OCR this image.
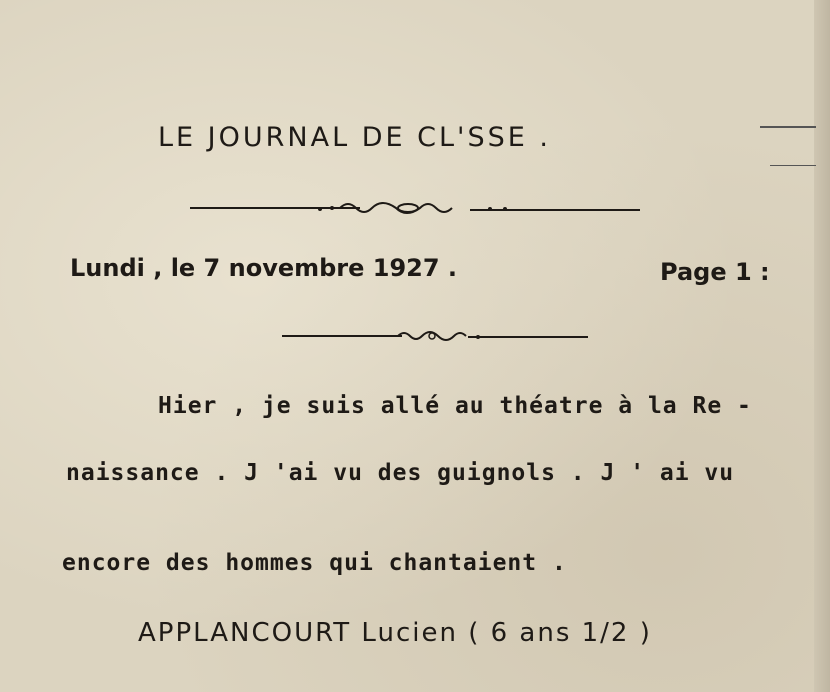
LE JOURNAL DE CL'SSE .
Lundi , le 7 novembre 1927 .	Page 1 :
Hier , je suis allé au théatre à la Re -
naissance . J 'ai vu des guignols . J ' ai vu
encore des hommes qui chantaient .
APPLANCOURT Lucien ( 6 ans 1/2 )
